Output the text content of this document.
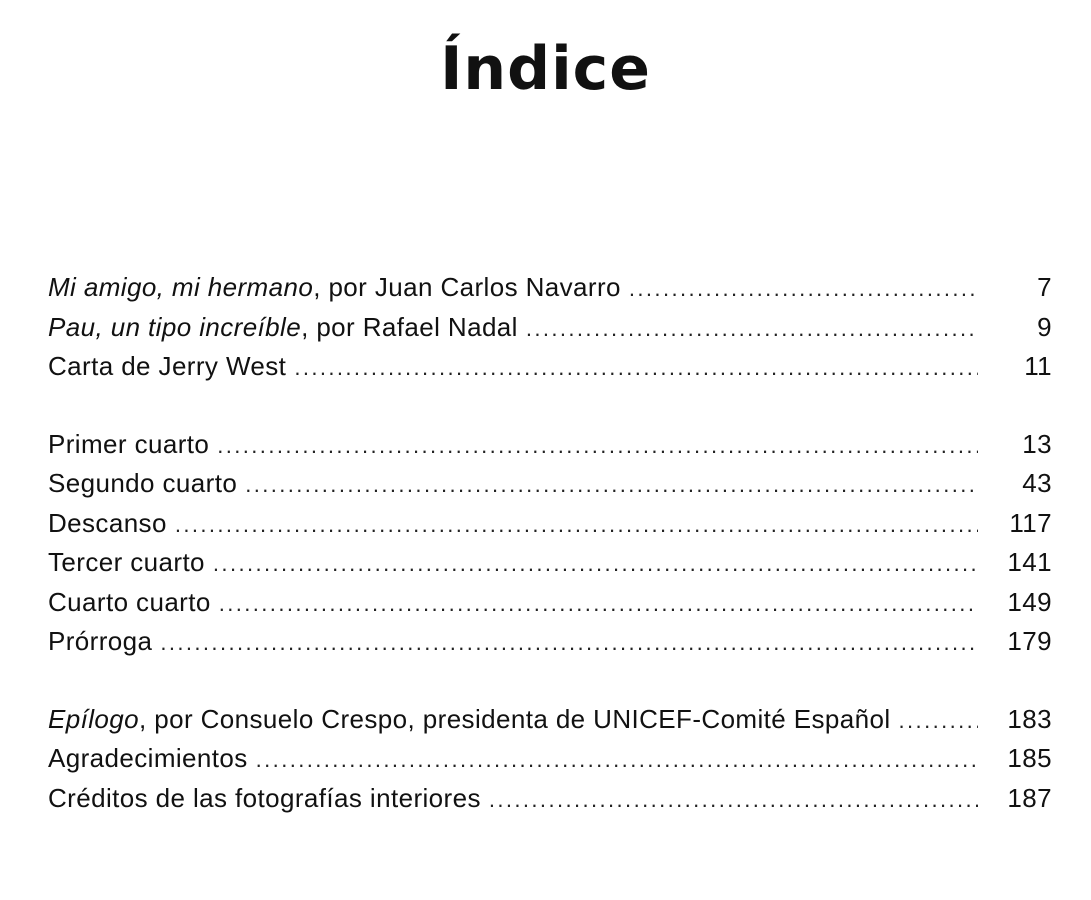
Índice
Mi amigo, mi hermano, por Juan Carlos Navarro .....	7
Pau, un tipo increíble, por Rafael Nadal .....	9
Carta de Jerry West .....	11
Primer cuarto .....	13
Segundo cuarto .....	43
Descanso .....	117
Tercer cuarto .....	141
Cuarto cuarto .....	149
Prórroga .....	179
Epílogo, por Consuelo Crespo, presidenta de UNICEF-Comité Español .....	183
Agradecimientos .....	185
Créditos de las fotografías interiores .....	187
